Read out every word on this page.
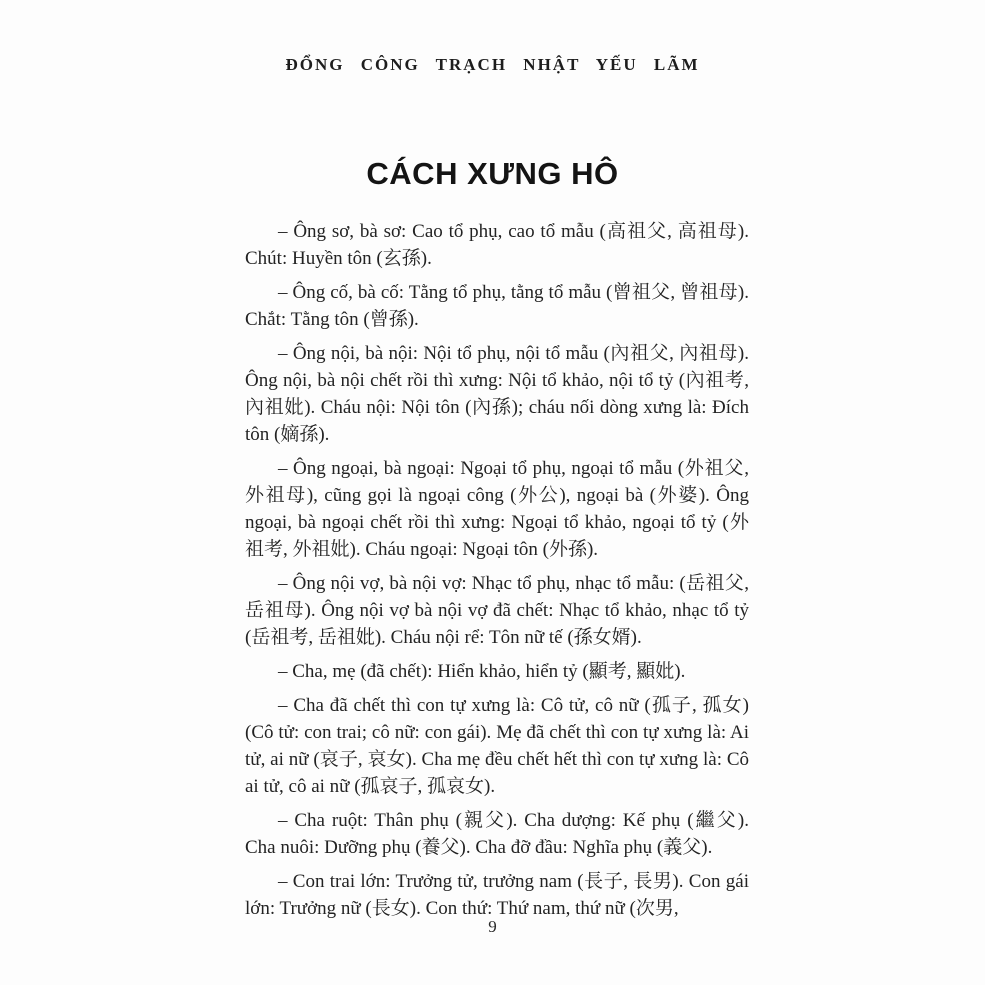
ĐỔNG CÔNG TRẠCH NHẬT YẾU LÃM
CÁCH XƯNG HÔ

– Ông sơ, bà sơ: Cao tổ phụ, cao tổ mẫu (高祖父, 高祖母). Chút: Huyền tôn (玄孫).

– Ông cố, bà cố: Tằng tổ phụ, tằng tổ mẫu (曾祖父, 曾祖母). Chắt: Tằng tôn (曾孫).

– Ông nội, bà nội: Nội tổ phụ, nội tổ mẫu (內祖父, 內祖母). Ông nội, bà nội chết rồi thì xưng: Nội tổ khảo, nội tổ tỷ (內祖考, 內祖妣). Cháu nội: Nội tôn (內孫); cháu nối dòng xưng là: Đích tôn (嫡孫).

– Ông ngoại, bà ngoại: Ngoại tổ phụ, ngoại tổ mẫu (外祖父, 外祖母), cũng gọi là ngoại công (外公), ngoại bà (外婆). Ông ngoại, bà ngoại chết rồi thì xưng: Ngoại tổ khảo, ngoại tổ tỷ (外祖考, 外祖妣). Cháu ngoại: Ngoại tôn (外孫).

– Ông nội vợ, bà nội vợ: Nhạc tổ phụ, nhạc tổ mẫu: (岳祖父, 岳祖母). Ông nội vợ bà nội vợ đã chết: Nhạc tổ khảo, nhạc tổ tỷ (岳祖考, 岳祖妣). Cháu nội rể: Tôn nữ tế (孫女婿).

– Cha, mẹ (đã chết): Hiển khảo, hiển tỷ (顯考, 顯妣).

– Cha đã chết thì con tự xưng là: Cô tử, cô nữ (孤子, 孤女) (Cô tử: con trai; cô nữ: con gái). Mẹ đã chết thì con tự xưng là: Ai tử, ai nữ (哀子, 哀女). Cha mẹ đều chết hết thì con tự xưng là: Cô ai tử, cô ai nữ (孤哀子, 孤哀女).

– Cha ruột: Thân phụ (親父). Cha dượng: Kế phụ (繼父). Cha nuôi: Dưỡng phụ (養父). Cha đỡ đầu: Nghĩa phụ (義父).

– Con trai lớn: Trưởng tử, trưởng nam (長子, 長男). Con gái lớn: Trưởng nữ (長女). Con thứ: Thứ nam, thứ nữ (次男,

9
